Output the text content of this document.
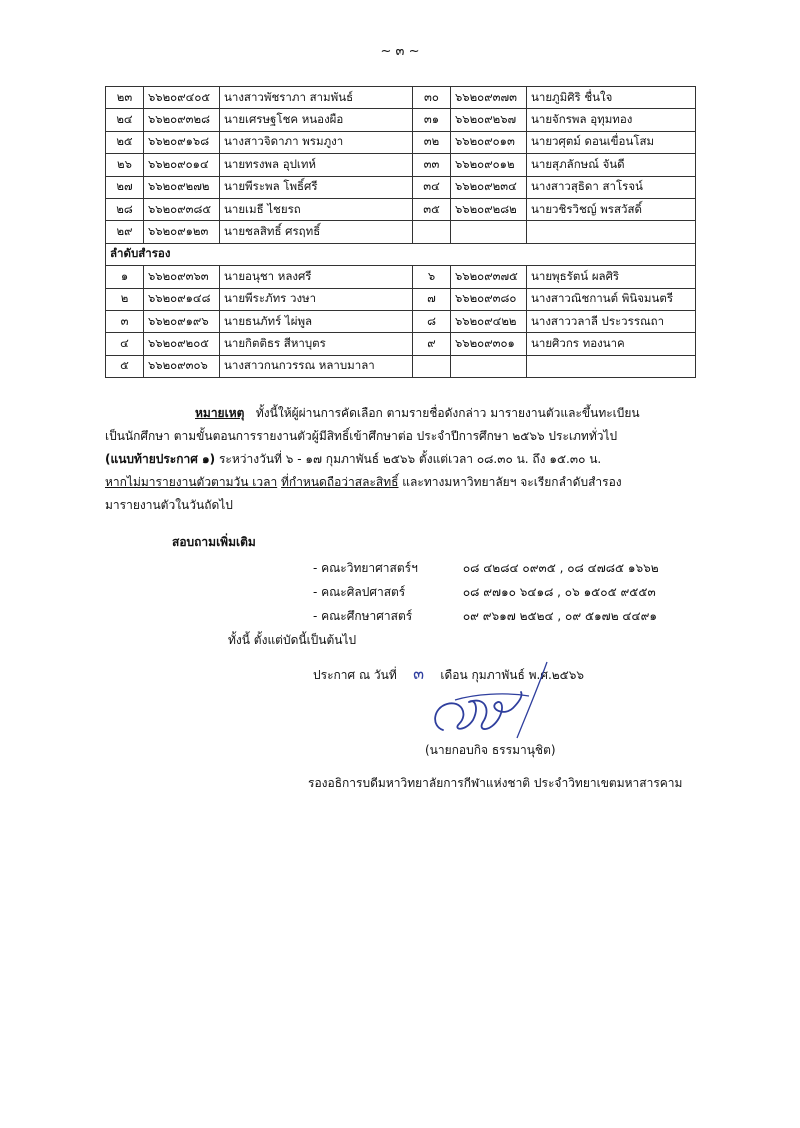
~ ๓ ~
๒๓	๖๖๒๐๙๔๐๕	นางสาวพัชราภา สามพันธ์	๓๐	๖๖๒๐๙๓๗๓	นายภูมิศิริ ชื่นใจ
๒๔	๖๖๒๐๙๓๒๘	นายเศรษฐโชค หนองผือ	๓๑	๖๖๒๐๙๒๖๗	นายจักรพล อุทุมทอง
๒๕	๖๖๒๐๙๑๖๘	นางสาวจิดาภา พรมภูงา	๓๒	๖๖๒๐๙๐๑๓	นายวศุตม์ ดอนเขื่อนโสม
๒๖	๖๖๒๐๙๐๑๔	นายทรงพล อุปเทห์	๓๓	๖๖๒๐๙๐๑๒	นายสุภลักษณ์ จันดี
๒๗	๖๖๒๐๙๒๗๒	นายพีระพล โพธิ์ศรี	๓๔	๖๖๒๐๙๒๓๔	นางสาวสุธิดา สาโรจน์
๒๘	๖๖๒๐๙๓๘๕	นายเมธี ไชยรถ	๓๕	๖๖๒๐๙๒๘๒	นายวชิรวิชญ์ พรสวัสดิ์
๒๙	๖๖๒๐๙๑๒๓	นายชลสิทธิ์ ศรฤทธิ์			
ลำดับสำรอง					
๑	๖๖๒๐๙๓๖๓	นายอนุชา หลงศรี	๖	๖๖๒๐๙๓๗๕	นายพุธรัตน์ ผลศิริ
๒	๖๖๒๐๙๑๔๘	นายพีระภัทร วงษา	๗	๖๖๒๐๙๓๘๐	นางสาวณิชกานต์ พินิจมนตรี
๓	๖๖๒๐๙๑๙๖	นายธนภัทร์ ไผ่พูล	๘	๖๖๒๐๙๔๒๒	นางสาววลาลี ประวรรณถา
๔	๖๖๒๐๙๒๐๕	นายกิตติธร สีหาบุตร	๙	๖๖๒๐๙๓๐๑	นายศิวกร ทองนาค
๕	๖๖๒๐๙๓๐๖	นางสาวกนกวรรณ หลาบมาลา			
หมายเหตุ ทั้งนี้ให้ผู้ผ่านการคัดเลือก ตามรายชื่อดังกล่าว มารายงานตัวและขึ้นทะเบียน
เป็นนักศึกษา ตามขั้นตอนการรายงานตัวผู้มีสิทธิ์เข้าศึกษาต่อ ประจำปีการศึกษา ๒๕๖๖ ประเภททั่วไป
(แนบท้ายประกาศ ๑) ระหว่างวันที่ ๖ - ๑๗ กุมภาพันธ์ ๒๕๖๖ ตั้งแต่เวลา ๐๘.๓๐ น. ถึง ๑๕.๓๐ น.
หากไม่มารายงานตัวตามวัน เวลา ที่กำหนดถือว่าสละสิทธิ์ และทางมหาวิทยาลัยฯ จะเรียกลำดับสำรอง
มารายงานตัวในวันถัดไป
สอบถามเพิ่มเติม
- คณะวิทยาศาสตร์ฯ	๐๘ ๔๒๘๔ ๐๙๓๕ , ๐๘ ๔๗๘๕ ๑๖๖๒
- คณะศิลปศาสตร์	๐๘ ๙๗๑๐ ๖๔๑๘ , ๐๖ ๑๕๐๕ ๙๕๕๓
- คณะศึกษาศาสตร์	๐๙ ๙๖๑๗ ๒๕๒๔ , ๐๙ ๕๑๗๒ ๔๔๙๑
ทั้งนี้ ตั้งแต่บัดนี้เป็นต้นไป
ประกาศ ณ วันที่ ๓ เดือน กุมภาพันธ์ พ.ศ.๒๕๖๖
(นายกอบกิจ ธรรมานุชิต)
รองอธิการบดีมหาวิทยาลัยการกีฬาแห่งชาติ ประจำวิทยาเขตมหาสารคาม
